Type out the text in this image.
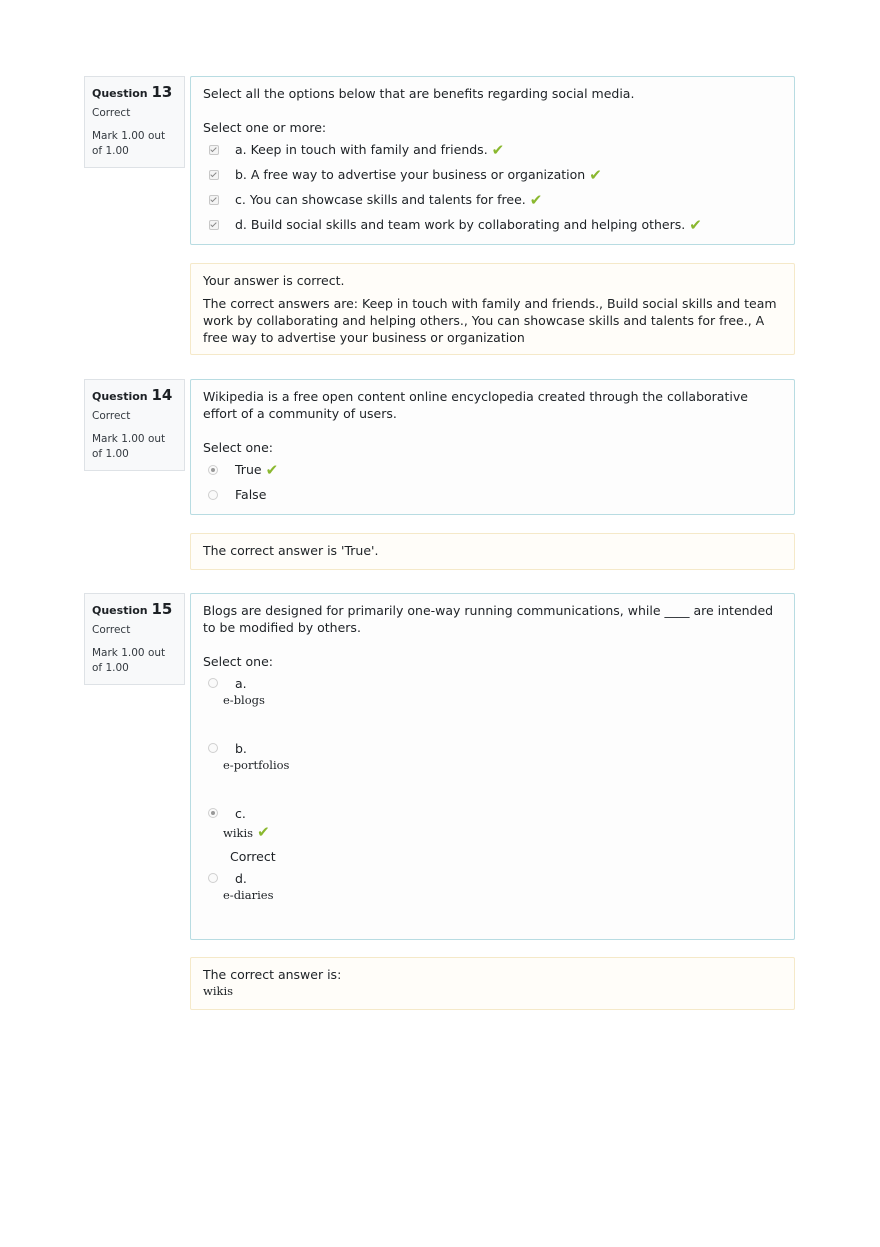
Question 13
Correct
Mark 1.00 out of 1.00
Select all the options below that are benefits regarding social media.
Select one or more:
a. Keep in touch with family and friends. ✔
b. A free way to advertise your business or organization ✔
c. You can showcase skills and talents for free. ✔
d. Build social skills and team work by collaborating and helping others. ✔
Your answer is correct.
The correct answers are: Keep in touch with family and friends., Build social skills and team work by collaborating and helping others., You can showcase skills and talents for free., A free way to advertise your business or organization
Question 14
Correct
Mark 1.00 out of 1.00
Wikipedia is a free open content online encyclopedia created through the collaborative effort of a community of users.
Select one:
True ✔
False
The correct answer is 'True'.
Question 15
Correct
Mark 1.00 out of 1.00
Blogs are designed for primarily one-way running communications, while ____ are intended to be modified by others.
Select one:
a.
e-blogs
b.
e-portfolios
c.
wikis ✔
Correct
d.
e-diaries
The correct answer is:
wikis
